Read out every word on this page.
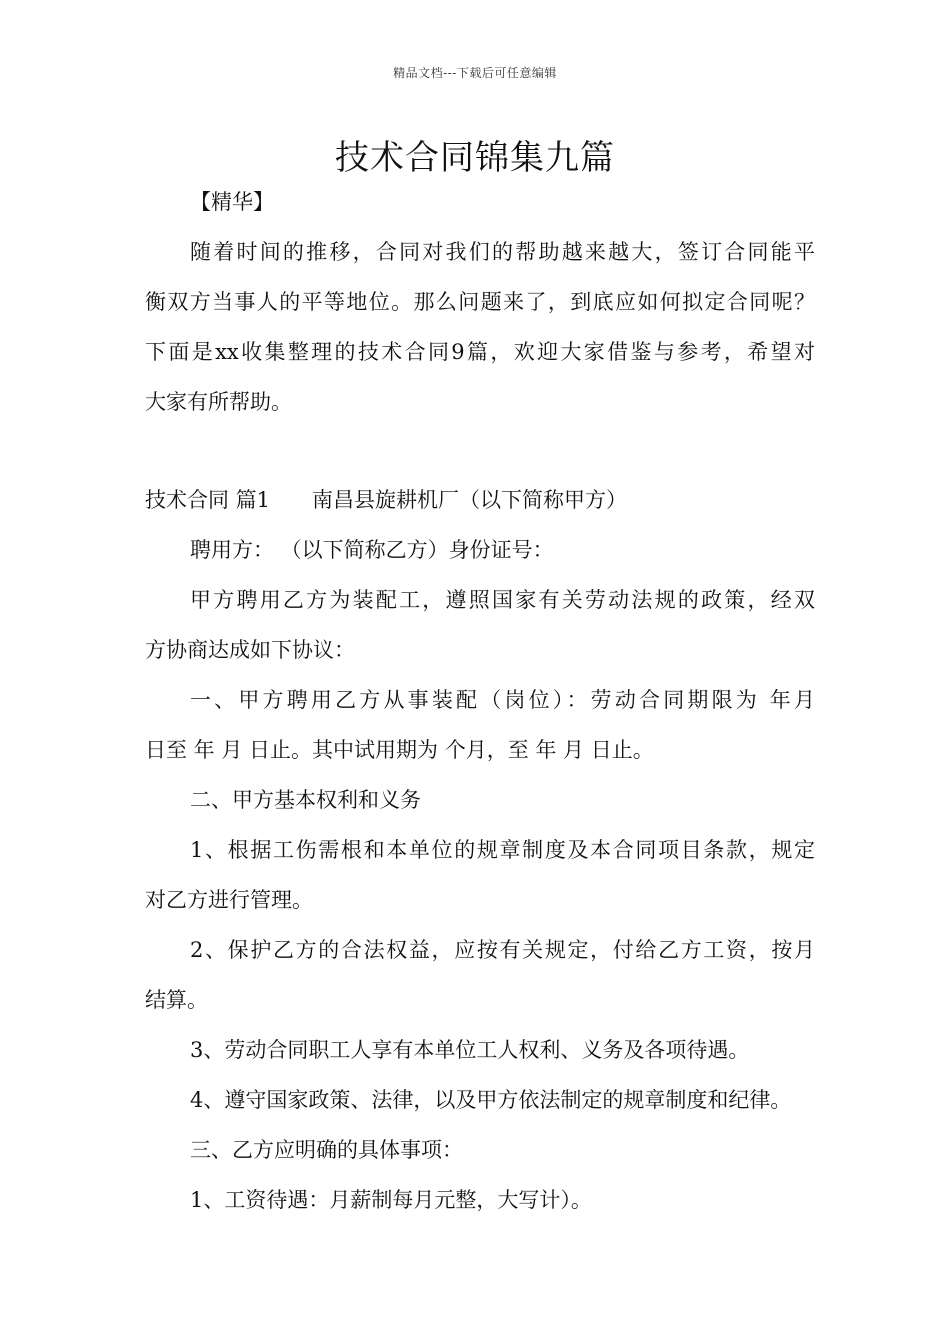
精品文档---下载后可任意编辑
技术合同锦集九篇
【精华】
随着时间的推移，合同对我们的帮助越来越大，签订合同能平
衡双方当事人的平等地位。那么问题来了，到底应如何拟定合同呢？
下面是xx收集整理的技术合同9篇，欢迎大家借鉴与参考，希望对
大家有所帮助。
技术合同 篇1 南昌县旋耕机厂（以下简称甲方）
聘用方： （以下简称乙方）身份证号：
甲方聘用乙方为装配工，遵照国家有关劳动法规的政策，经双
方协商达成如下协议：
一、甲方聘用乙方从事装配（岗位）：劳动合同期限为 年月
日至 年 月 日止。其中试用期为 个月，至 年 月 日止。
二、甲方基本权利和义务
1、根据工伤需根和本单位的规章制度及本合同项目条款，规定
对乙方进行管理。
2、保护乙方的合法权益，应按有关规定，付给乙方工资，按月
结算。
3、劳动合同职工人享有本单位工人权利、义务及各项待遇。
4、遵守国家政策、法律，以及甲方依法制定的规章制度和纪律。
三、乙方应明确的具体事项：
1、工资待遇：月薪制每月元整，大写计）。
